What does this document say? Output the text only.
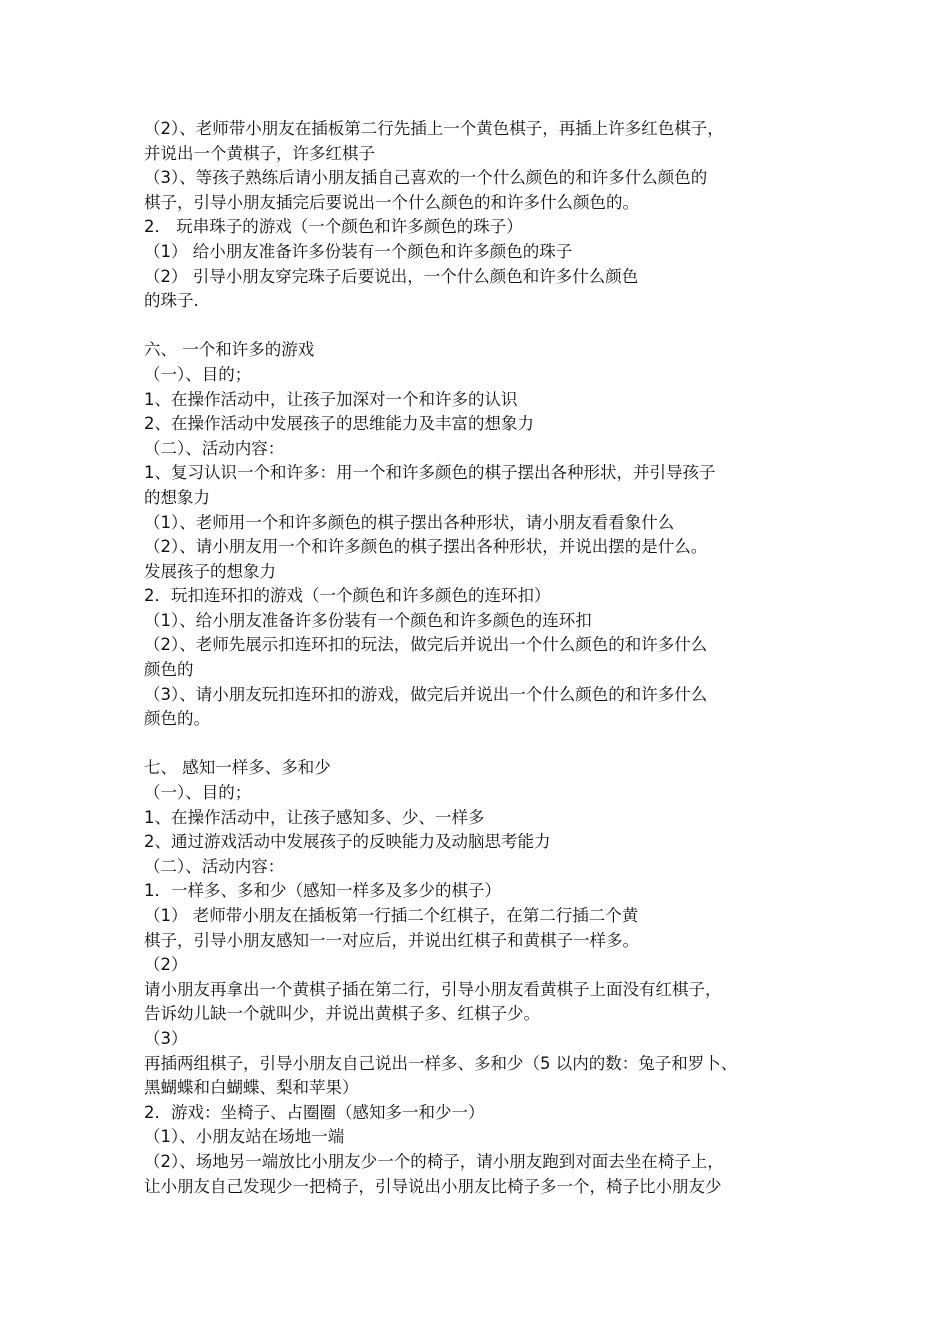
（2）、老师带小朋友在插板第二行先插上一个黄色棋子，再插上许多红色棋子，
并说出一个黄棋子，许多红棋子
（3）、等孩子熟练后请小朋友插自己喜欢的一个什么颜色的和许多什么颜色的
棋子，引导小朋友插完后要说出一个什么颜色的和许多什么颜色的。
2． 玩串珠子的游戏（一个颜色和许多颜色的珠子）
（1） 给小朋友准备许多份装有一个颜色和许多颜色的珠子
（2） 引导小朋友穿完珠子后要说出，一个什么颜色和许多什么颜色
的珠子.
六、 一个和许多的游戏
（一）、目的；
1、在操作活动中，让孩子加深对一个和许多的认识
2、在操作活动中发展孩子的思维能力及丰富的想象力
（二）、活动内容：
1、复习认识一个和许多：用一个和许多颜色的棋子摆出各种形状，并引导孩子
的想象力
（1）、老师用一个和许多颜色的棋子摆出各种形状，请小朋友看看象什么
（2）、请小朋友用一个和许多颜色的棋子摆出各种形状，并说出摆的是什么。
发展孩子的想象力
2．玩扣连环扣的游戏（一个颜色和许多颜色的连环扣）
（1）、给小朋友准备许多份装有一个颜色和许多颜色的连环扣
（2）、老师先展示扣连环扣的玩法，做完后并说出一个什么颜色的和许多什么
颜色的
（3）、请小朋友玩扣连环扣的游戏，做完后并说出一个什么颜色的和许多什么
颜色的。
七、 感知一样多、多和少
（一）、目的；
1、在操作活动中，让孩子感知多、少、一样多
2、通过游戏活动中发展孩子的反映能力及动脑思考能力
（二）、活动内容：
1．一样多、多和少（感知一样多及多少的棋子）
（1） 老师带小朋友在插板第一行插二个红棋子，在第二行插二个黄
棋子，引导小朋友感知一一对应后，并说出红棋子和黄棋子一样多。
（2）
请小朋友再拿出一个黄棋子插在第二行，引导小朋友看黄棋子上面没有红棋子，
告诉幼儿缺一个就叫少，并说出黄棋子多、红棋子少。
（3）
再插两组棋子，引导小朋友自己说出一样多、多和少（5 以内的数：兔子和罗卜、
黑蝴蝶和白蝴蝶、梨和苹果）
2．游戏：坐椅子、占圈圈（感知多一和少一）
（1）、小朋友站在场地一端
（2）、场地另一端放比小朋友少一个的椅子，请小朋友跑到对面去坐在椅子上，
让小朋友自己发现少一把椅子，引导说出小朋友比椅子多一个，椅子比小朋友少
